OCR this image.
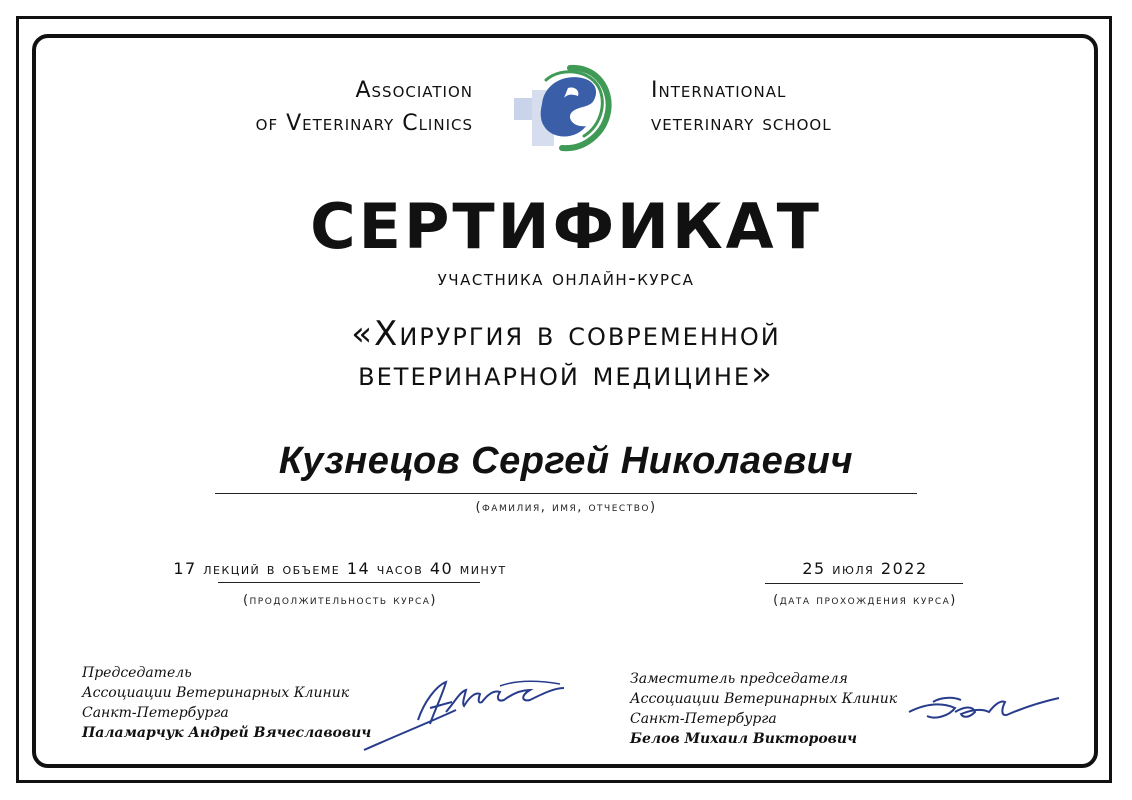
Association
of Veterinary Clinics
International
veterinary school
СЕРТИФИКАТ
участника онлайн-курса
«Хирургия в современной
ветеринарной медицине»
Кузнецов Сергей Николаевич
(фамилия, имя, отчество)
17 лекций в объеме 14 часов 40 минут
(продолжительность курса)
25 июля 2022
(дата прохождения курса)
Председатель
Ассоциации Ветеринарных Клиник
Санкт-Петербурга
Паламарчук Андрей Вячеславович
Заместитель председателя
Ассоциации Ветеринарных Клиник
Санкт-Петербурга
Белов Михаил Викторович
